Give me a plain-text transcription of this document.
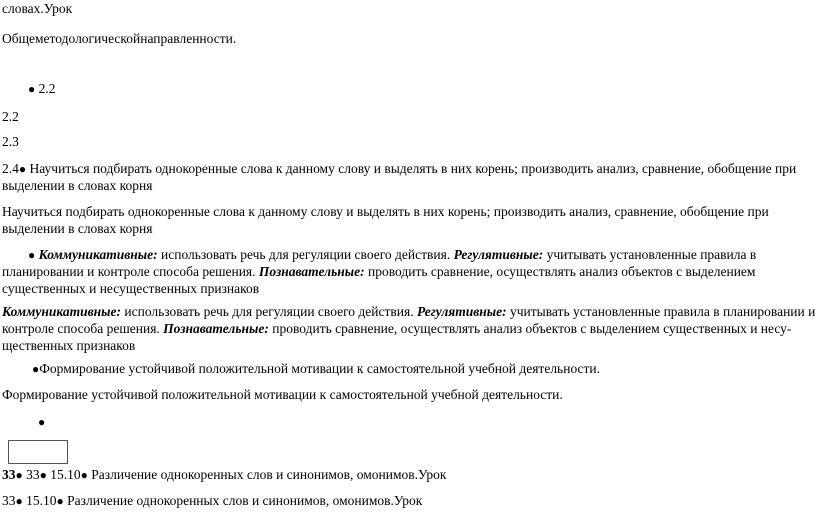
словах.Урок
Общеметодологическойнаправленности.
● 2.2
2.2
2.3
2.4● Научиться подбирать однокоренные слова к данному слову и выделять в них корень; производить анализ, сравнение, обобщение при
выделении в словах корня
Научиться подбирать однокоренные слова к данному слову и выделять в них корень; производить анализ, сравнение, обобщение при
выделении в словах корня
● Коммуникативные: использовать речь для регуляции своего действия. Регулятивные: учитывать установленные правила в
планировании и контроле способа решения. Познавательные: проводить сравнение, осуществлять анализ объектов с выделением
существенных и несущественных признаков
Коммуникативные: использовать речь для регуляции своего действия. Регулятивные: учитывать установленные правила в планировании и
контроле способа решения. Познавательные: проводить сравнение, осуществлять анализ объектов с выделением существенных и несу-
щественных признаков
●Формирование устойчивой положительной мотивации к самостоятельной учебной деятельности.
Формирование устойчивой положительной мотивации к самостоятельной учебной деятельности.
●
33● 33● 15.10● Различение однокоренных слов и синонимов, омонимов.Урок
33● 15.10● Различение однокоренных слов и синонимов, омонимов.Урок
